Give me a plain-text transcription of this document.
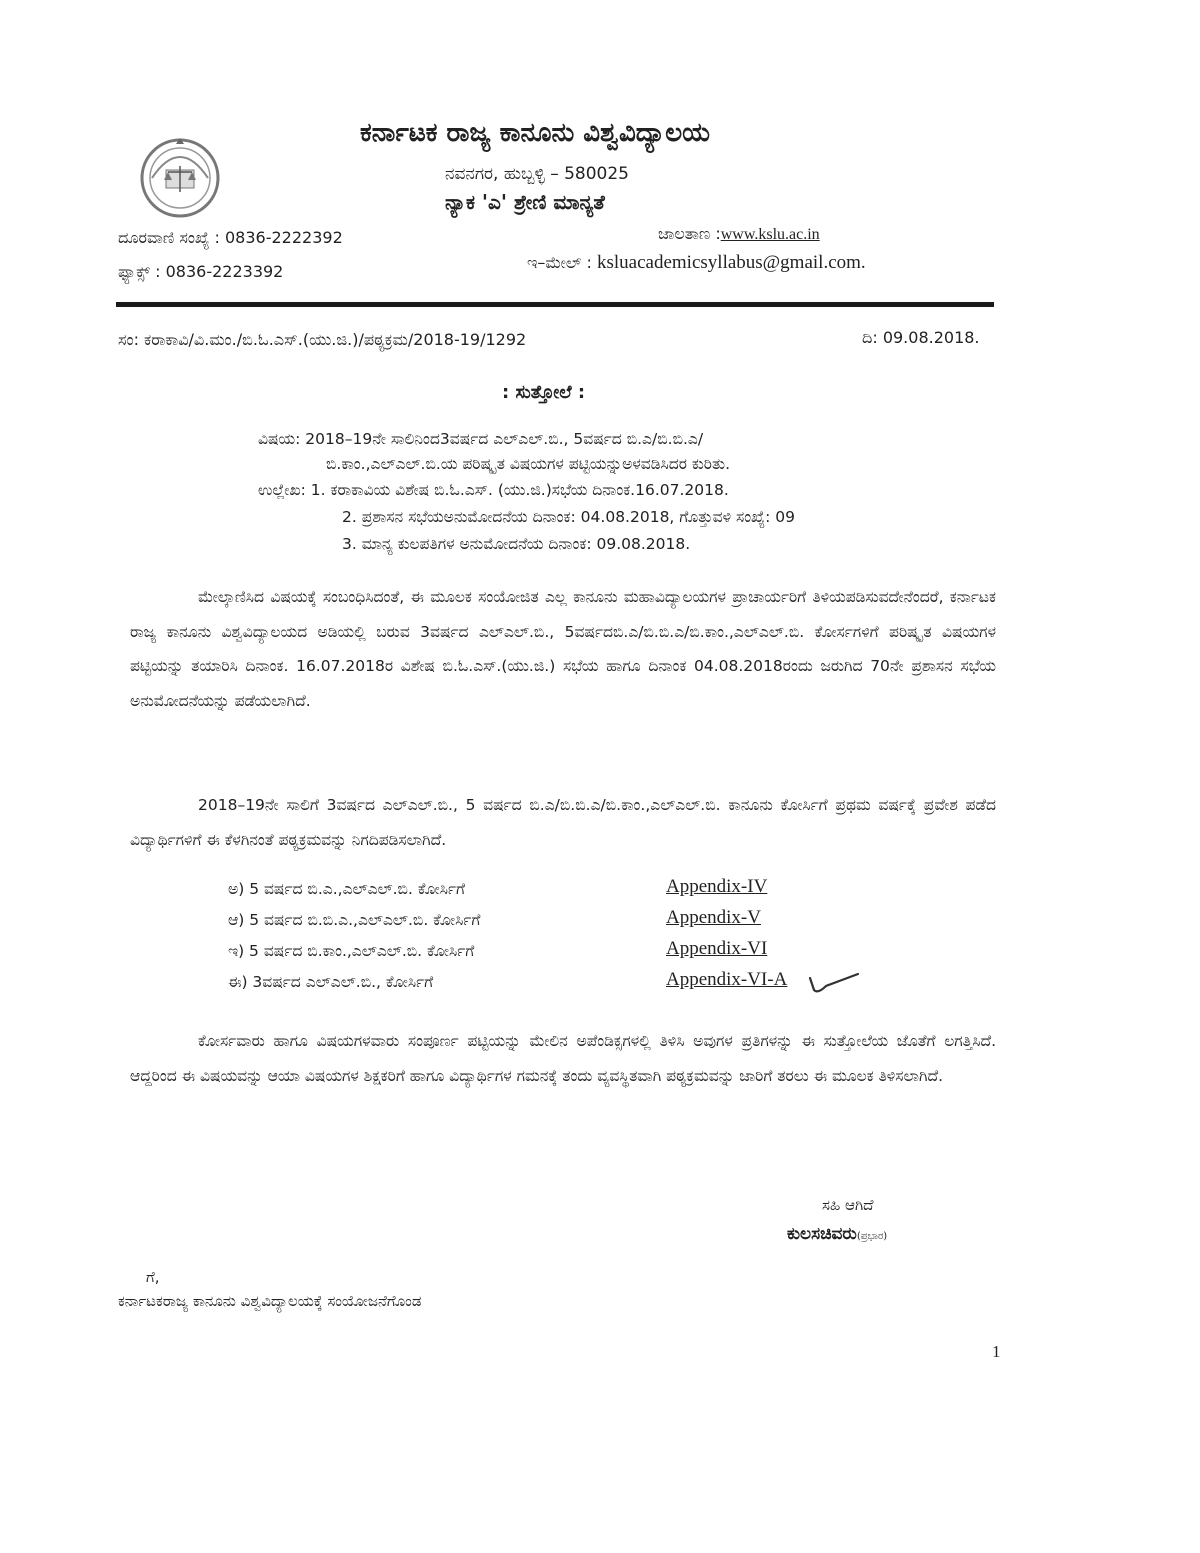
ಕರ್ನಾಟಕ ರಾಜ್ಯ ಕಾನೂನು ವಿಶ್ವವಿದ್ಯಾಲಯ
ನವನಗರ, ಹುಬ್ಬಳ್ಳಿ – 580025
ನ್ಯಾಕ 'ಎ' ಶ್ರೇಣಿ ಮಾನ್ಯತೆ
ದೂರವಾಣಿ ಸಂಖ್ಯೆ : 0836-2222392
ಫ್ಯಾಕ್ಸ್ : 0836-2223392
ಜಾಲತಾಣ :www.kslu.ac.in
ಇ–ಮೇಲ್ : ksluacademicsyllabus@gmail.com.
ಸಂ: ಕರಾಕಾವಿ/ವಿ.ಮಂ./ಬಿ.ಓ.ಎಸ್.(ಯು.ಜಿ.)/ಪಠ್ಯಕ್ರಮ/2018-19/1292	ದಿ: 09.08.2018.
: ಸುತ್ತೋಲೆ :
ವಿಷಯ: 2018–19ನೇ ಸಾಲಿನಿಂದ3ವರ್ಷದ ಎಲ್ಎಲ್.ಬಿ., 5ವರ್ಷದ ಬಿ.ಎ/ಬಿ.ಬಿ.ಎ/
ಬಿ.ಕಾಂ.,ಎಲ್ಎಲ್.ಬಿ.ಯ ಪರಿಷ್ಕೃತ ವಿಷಯಗಳ ಪಟ್ಟಿಯನ್ನುಅಳವಡಿಸಿದರ ಕುರಿತು.
ಉಲ್ಲೇಖ: 1. ಕರಾಕಾವಿಯ ವಿಶೇಷ ಬಿ.ಓ.ಎಸ್. (ಯು.ಜಿ.)ಸಭೆಯ ದಿನಾಂಕ.16.07.2018.
2. ಪ್ರಶಾಸನ ಸಭೆಯಅನುಮೋದನೆಯ ದಿನಾಂಕ: 04.08.2018, ಗೊತ್ತುವಳಿ ಸಂಖ್ಯೆ: 09
3. ಮಾನ್ಯ ಕುಲಪತಿಗಳ ಅನುಮೋದನೆಯ ದಿನಾಂಕ: 09.08.2018.

ಮೇಲ್ಕಾಣಿಸಿದ ವಿಷಯಕ್ಕೆ ಸಂಬಂಧಿಸಿದಂತೆ, ಈ ಮೂಲಕ ಸಂಯೋಜಿತ ಎಲ್ಲ ಕಾನೂನು ಮಹಾವಿದ್ಯಾಲಯಗಳ ಪ್ರಾಚಾರ್ಯರಿಗೆ ತಿಳಿಯಪಡಿಸುವದೇನೆಂದರೆ, ಕರ್ನಾಟಕ ರಾಜ್ಯ ಕಾನೂನು ವಿಶ್ವವಿದ್ಯಾಲಯದ ಅಡಿಯಲ್ಲಿ ಬರುವ 3ವರ್ಷದ ಎಲ್ಎಲ್.ಬಿ., 5ವರ್ಷದಬಿ.ಎ/ಬಿ.ಬಿ.ಎ/ಬಿ.ಕಾಂ.,ಎಲ್ಎಲ್.ಬಿ. ಕೋರ್ಸಗಳಿಗೆ ಪರಿಷ್ಕೃತ ವಿಷಯಗಳ ಪಟ್ಟಿಯನ್ನು ತಯಾರಿಸಿ ದಿನಾಂಕ. 16.07.2018ರ ವಿಶೇಷ ಬಿ.ಓ.ಎಸ್.(ಯು.ಜಿ.) ಸಭೆಯ ಹಾಗೂ ದಿನಾಂಕ 04.08.2018ರಂದು ಜರುಗಿದ 70ನೇ ಪ್ರಶಾಸನ ಸಭೆಯ ಅನುಮೋದನೆಯನ್ನು ಪಡೆಯಲಾಗಿದೆ.

2018–19ನೇ ಸಾಲಿಗೆ 3ವರ್ಷದ ಎಲ್ಎಲ್.ಬಿ., 5 ವರ್ಷದ ಬಿ.ಎ/ಬಿ.ಬಿ.ಎ/ಬಿ.ಕಾಂ.,ಎಲ್ಎಲ್.ಬಿ. ಕಾನೂನು ಕೋರ್ಸಿಗೆ ಪ್ರಥಮ ವರ್ಷಕ್ಕೆ ಪ್ರವೇಶ ಪಡೆದ ವಿದ್ಯಾರ್ಥಿಗಳಿಗೆ ಈ ಕೆಳಗಿನಂತೆ ಪಠ್ಯಕ್ರಮವನ್ನು ನಿಗದಿಪಡಿಸಲಾಗಿದೆ.

ಅ) 5 ವರ್ಷದ ಬಿ.ಎ.,ಎಲ್ಎಲ್.ಬಿ. ಕೋರ್ಸಿಗೆ	Appendix-IV
ಆ) 5 ವರ್ಷದ ಬಿ.ಬಿ.ಎ.,ಎಲ್ಎಲ್.ಬಿ. ಕೋರ್ಸಿಗೆ	Appendix-V
ಇ) 5 ವರ್ಷದ ಬಿ.ಕಾಂ.,ಎಲ್ಎಲ್.ಬಿ. ಕೋರ್ಸಿಗೆ	Appendix-VI
ಈ) 3ವರ್ಷದ ಎಲ್ಎಲ್.ಬಿ., ಕೋರ್ಸಿಗೆ	Appendix-VI-A

ಕೋರ್ಸವಾರು ಹಾಗೂ ವಿಷಯಗಳವಾರು ಸಂಪೂರ್ಣ ಪಟ್ಟಿಯನ್ನು ಮೇಲಿನ ಅಪೆಂಡಿಕ್ಸಗಳಲ್ಲಿ ತಿಳಿಸಿ ಅವುಗಳ ಪ್ರತಿಗಳನ್ನು ಈ ಸುತ್ತೋಲೆಯ ಜೊತೆಗೆ ಲಗತ್ತಿಸಿದೆ. ಆದ್ದರಿಂದ ಈ ವಿಷಯವನ್ನು ಆಯಾ ವಿಷಯಗಳ ಶಿಕ್ಷಕರಿಗೆ ಹಾಗೂ ವಿದ್ಯಾರ್ಥಿಗಳ ಗಮನಕ್ಕೆ ತಂದು ವ್ಯವಸ್ಥಿತವಾಗಿ ಪಠ್ಯಕ್ರಮವನ್ನು ಜಾರಿಗೆ ತರಲು ಈ ಮೂಲಕ ತಿಳಿಸಲಾಗಿದೆ.

ಸಹಿ ಆಗಿದೆ
ಕುಲಸಚಿವರು(ಪ್ರಭಾರ)
ಗೆ,
ಕರ್ನಾಟಕರಾಜ್ಯ ಕಾನೂನು ವಿಶ್ವವಿದ್ಯಾಲಯಕ್ಕೆ ಸಂಯೋಜನೆಗೊಂಡ
1
